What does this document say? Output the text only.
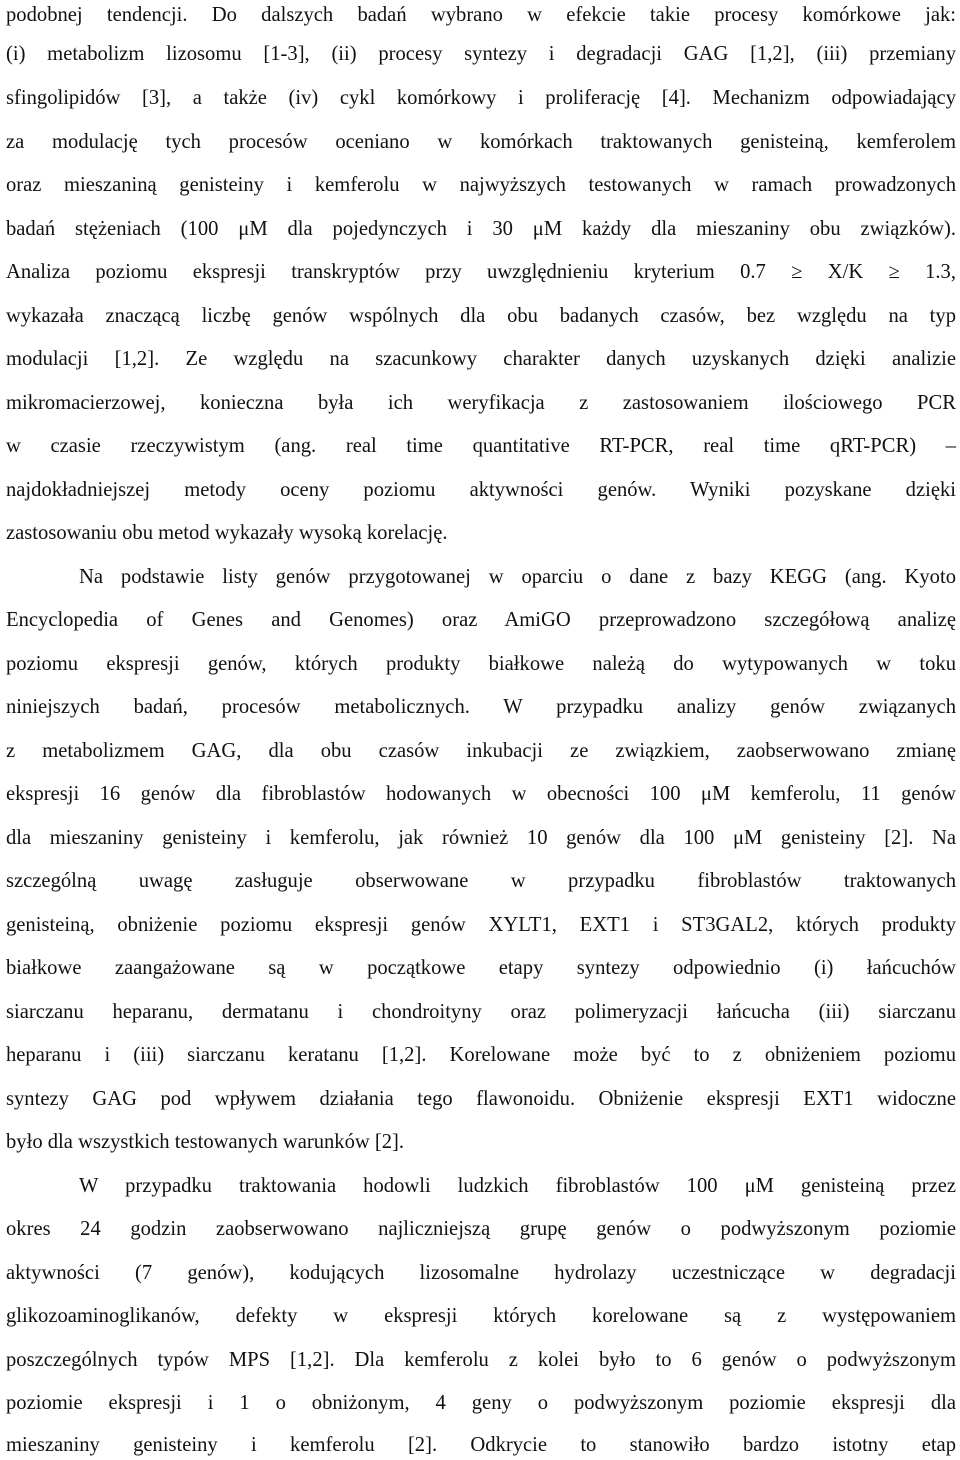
podobnej tendencji. Do dalszych badań wybrano w efekcie takie procesy komórkowe jak:
(i) metabolizm lizosomu [1-3], (ii) procesy syntezy i degradacji GAG [1,2], (iii) przemiany
sfingolipidów [3], a także (iv) cykl komórkowy i proliferację [4]. Mechanizm odpowiadający
za modulację tych procesów oceniano w komórkach traktowanych genisteiną, kemferolem
oraz mieszaniną genisteiny i kemferolu w najwyższych testowanych w ramach prowadzonych
badań stężeniach (100 μM dla pojedynczych i 30 μM każdy dla mieszaniny obu związków).
Analiza poziomu ekspresji transkryptów przy uwzględnieniu kryterium 0.7 ≥ X/K ≥ 1.3,
wykazała znaczącą liczbę genów wspólnych dla obu badanych czasów, bez względu na typ
modulacji [1,2]. Ze względu na szacunkowy charakter danych uzyskanych dzięki analizie
mikromacierzowej, konieczna była ich weryfikacja z zastosowaniem ilościowego PCR
w czasie rzeczywistym (ang. real time quantitative RT-PCR, real time qRT-PCR) –
najdokładniejszej metody oceny poziomu aktywności genów. Wyniki pozyskane dzięki
zastosowaniu obu metod wykazały wysoką korelację.
Na podstawie listy genów przygotowanej w oparciu o dane z bazy KEGG (ang. Kyoto
Encyclopedia of Genes and Genomes) oraz AmiGO przeprowadzono szczegółową analizę
poziomu ekspresji genów, których produkty białkowe należą do wytypowanych w toku
niniejszych badań, procesów metabolicznych. W przypadku analizy genów związanych
z metabolizmem GAG, dla obu czasów inkubacji ze związkiem, zaobserwowano zmianę
ekspresji 16 genów dla fibroblastów hodowanych w obecności 100 μM kemferolu, 11 genów
dla mieszaniny genisteiny i kemferolu, jak również 10 genów dla 100 μM genisteiny [2]. Na
szczególną uwagę zasługuje obserwowane w przypadku fibroblastów traktowanych
genisteiną, obniżenie poziomu ekspresji genów XYLT1, EXT1 i ST3GAL2, których produkty
białkowe zaangażowane są w początkowe etapy syntezy odpowiednio (i) łańcuchów
siarczanu heparanu, dermatanu i chondroityny oraz polimeryzacji łańcucha (iii) siarczanu
heparanu i (iii) siarczanu keratanu [1,2]. Korelowane może być to z obniżeniem poziomu
syntezy GAG pod wpływem działania tego flawonoidu. Obniżenie ekspresji EXT1 widoczne
było dla wszystkich testowanych warunków [2].
W przypadku traktowania hodowli ludzkich fibroblastów 100 μM genisteiną przez
okres 24 godzin zaobserwowano najliczniejszą grupę genów o podwyższonym poziomie
aktywności (7 genów), kodujących lizosomalne hydrolazy uczestniczące w degradacji
glikozoaminoglikanów, defekty w ekspresji których korelowane są z występowaniem
poszczególnych typów MPS [1,2]. Dla kemferolu z kolei było to 6 genów o podwyższonym
poziomie ekspresji i 1 o obniżonym, 4 geny o podwyższonym poziomie ekspresji dla
mieszaniny genisteiny i kemferolu [2]. Odkrycie to stanowiło bardzo istotny etap
